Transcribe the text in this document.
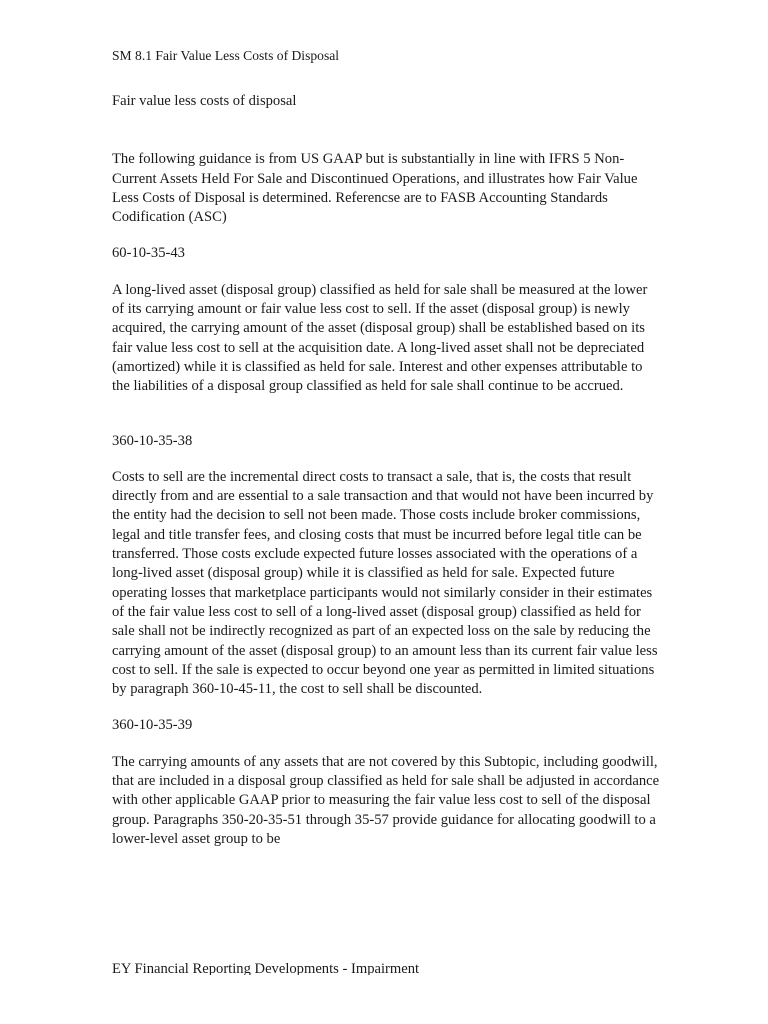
SM 8.1 Fair Value Less Costs of Disposal
Fair value less costs of disposal

The following guidance is from US GAAP but is substantially in line with IFRS 5 Non-Current Assets Held For Sale and Discontinued Operations, and illustrates how Fair Value Less Costs of Disposal is determined. Referencse are to FASB Accounting Standards Codification (ASC)

60-10-35-43

A long-lived asset (disposal group) classified as held for sale shall be measured at the lower of its carrying amount or fair value less cost to sell. If the asset (disposal group) is newly acquired, the carrying amount of the asset (disposal group) shall be established based on its fair value less cost to sell at the acquisition date. A long-lived asset shall not be depreciated (amortized) while it is classified as held for sale. Interest and other expenses attributable to the liabilities of a disposal group classified as held for sale shall continue to be accrued.

360-10-35-38

Costs to sell are the incremental direct costs to transact a sale, that is, the costs that result directly from and are essential to a sale transaction and that would not have been incurred by the entity had the decision to sell not been made. Those costs include broker commissions, legal and title transfer fees, and closing costs that must be incurred before legal title can be transferred. Those costs exclude expected future losses associated with the operations of a long-lived asset (disposal group) while it is classified as held for sale. Expected future operating losses that marketplace participants would not similarly consider in their estimates of the fair value less cost to sell of a long-lived asset (disposal group) classified as held for sale shall not be indirectly recognized as part of an expected loss on the sale by reducing the carrying amount of the asset (disposal group) to an amount less than its current fair value less cost to sell. If the sale is expected to occur beyond one year as permitted in limited situations by paragraph 360-10-45-11, the cost to sell shall be discounted.

360-10-35-39

The carrying amounts of any assets that are not covered by this Subtopic, including goodwill, that are included in a disposal group classified as held for sale shall be adjusted in accordance with other applicable GAAP prior to measuring the fair value less cost to sell of the disposal group. Paragraphs 350-20-35-51 through 35-57 provide guidance for allocating goodwill to a lower-level asset group to be

EY Financial Reporting Developments - Impairment
